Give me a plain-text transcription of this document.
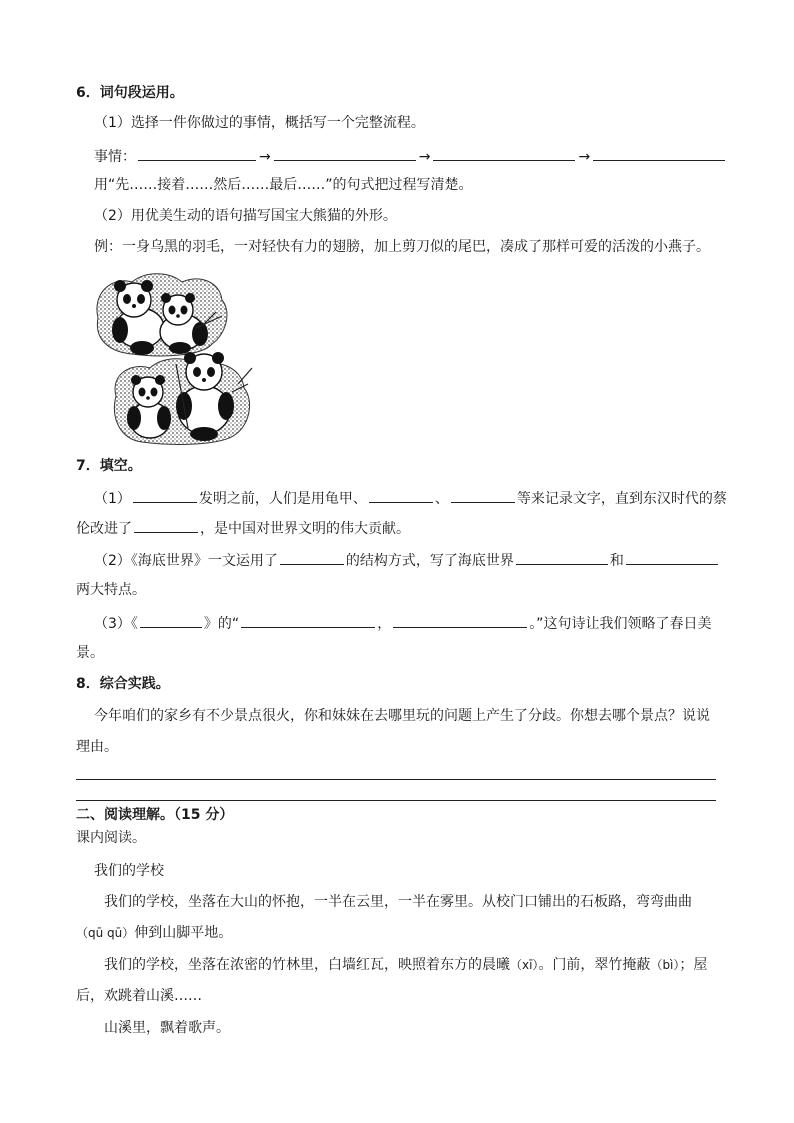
6．词句段运用。
（1）选择一件你做过的事情，概括写一个完整流程。
事情：	→	→	→
用“先……接着……然后……最后……”的句式把过程写清楚。
（2）用优美生动的语句描写国宝大熊猫的外形。
例：一身乌黑的羽毛，一对轻快有力的翅膀，加上剪刀似的尾巴，凑成了那样可爱的活泼的小燕子。
7．填空。
（1）	发明之前，人们是用龟甲、	、	等来记录文字，直到东汉时代的蔡
伦改进了	，是中国对世界文明的伟大贡献。
（2）《海底世界》一文运用了	的结构方式，写了海底世界	和
两大特点。
（3）《	》的“	，	。”这句诗让我们领略了春日美
景。
8．综合实践。
今年咱们的家乡有不少景点很火，你和妹妹在去哪里玩的问题上产生了分歧。你想去哪个景点？说说
理由。
二、阅读理解。（15 分）
课内阅读。
我们的学校
我们的学校，坐落在大山的怀抱，一半在云里，一半在雾里。从校门口铺出的石板路，弯弯曲曲
（qū qū）伸到山脚平地。
我们的学校，坐落在浓密的竹林里，白墙红瓦，映照着东方的晨曦（xī）。门前，翠竹掩蔽（bì）；屋
后，欢跳着山溪……
山溪里，飘着歌声。
